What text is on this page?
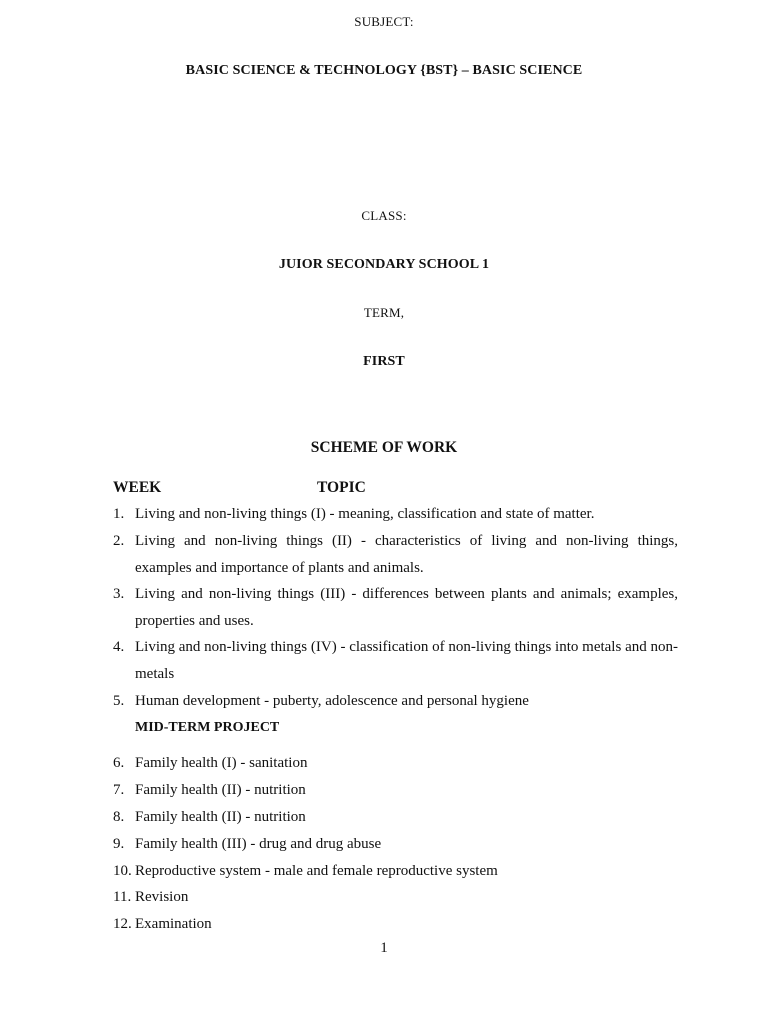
SUBJECT:
BASIC SCIENCE & TECHNOLOGY {BST} – BASIC SCIENCE
CLASS:
JUIOR SECONDARY SCHOOL 1
TERM,
FIRST
SCHEME OF WORK
WEEK	TOPIC
1. Living and non-living things (I) - meaning, classification and state of matter.
2. Living and non-living things (II) - characteristics of living and non-living things, examples and importance of plants and animals.
3. Living and non-living things (III) - differences between plants and animals; examples, properties and uses.
4. Living and non-living things (IV) - classification of non-living things into metals and non-metals
5. Human development - puberty, adolescence and personal hygiene
MID-TERM PROJECT
6. Family health (I) - sanitation
7. Family health (II) - nutrition
8. Family health (II) - nutrition
9. Family health (III) - drug and drug abuse
10. Reproductive system - male and female reproductive system
11. Revision
12. Examination
1
